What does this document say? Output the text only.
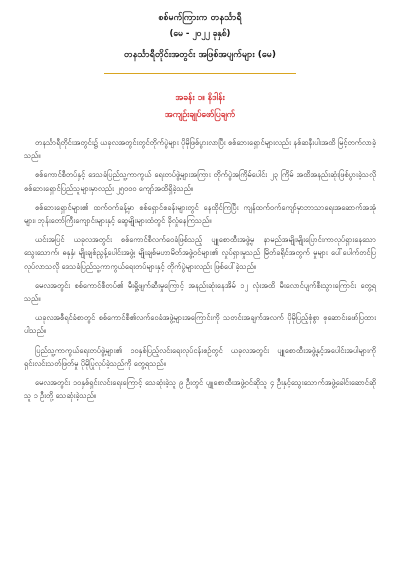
စစ်မက်ကြားက တနင်္သာရီ
(မေ - ၂၀၂၂ ခုနှစ်)
တနင်္သာရီတိုင်းအတွင်း အဖြစ်အပျက်များ (မေ)
အခန်း ၁။ နိဒါန်း
အကျဉ်းချုပ်ဖော်ပြချက်

တနင်္သာရီတိုင်းအတွင်း၌ ယခုလအတွင်းတွင်တိုက်ပွဲများ ပိုမိုဖြစ်ပွားလာပြီး စစ်ဘေးရှောင်များလည်း နစ်ဆနီးပါးအထိ မြင့်တက်လာခဲ့သည်။

စစ်ကောင်စီတပ်နှင့် ဒေသခံပြည်သူ့ကာကွယ် ရေးတပ်ဖွဲ့များအကြား တိုက်ပွဲအကြိမ်ပေါင်း ၂၃ ကြိမ် အထိအနည်းဆုံးဖြစ်ပွားခဲ့သလို စစ်ဘေးရှောင်ပြည်သူများမှာလည်း ၂၅၀၀၀ ကျော်အထိရှိခဲ့သည်။

စစ်ဘေးရှောင်များ၏ ထက်ဝက်ခန့်မှာ စစ်ရှောင်စခန်းများတွင် နေထိုင်ကြပြီး ကျန်ထက်ဝက်ကျော်မှာဘာသာရေးအဆောက်အအုံများ၊ ဘုန်းတော်ကြီးကျောင်းများနှင့် ဆွေမျိုးများထံတွင် ခိုလှုံနေကြသည်။

ယင်းအပြင် ယခုလအတွင်း စစ်ကောင်စီလက်ဝေခံဖြစ်သည့် ပျူစောထီးအဖွဲ့မှ နာမည်အမျိုးမျိုးပြောင်းကာလုပ်ရှားနေသော သွေးသောက်၊ ဓနုနှံ၊ မျိုးချစ်ညွန့်ပေါင်းအဖွဲ့၊ မျိုးချစ်မဟာမိတ်အဖွဲ့ဝင်များ၏ လှုပ်ရှားမှုသည် မြိတ်ခရိုင်အတွက် မှုများ ပေါ်ပေါက်တင်ပြလုပ်လာသလို ဒေသခံပြည်သူ့ကာကွယ်ရေးတပ်များနှင့် တိုက်ပွဲများလည်း ဖြစ်ပေါ်ခဲ့သည်။

မေလအတွင်း စစ်ကောင်စီတပ်၏ မီးရှို့ဖျက်ဆီးမှုကြောင့် အနည်းဆုံးနေအိမ် ၁၂ လုံးအထိ မီးလောင်ပျက်စီးသွားကြောင်း တွေ့ရသည်။

ယခုလအစီရင်ခံစာတွင် စစ်ကောင်စီ၏လက်ဝေခံအဖွဲ့များအကြောင်းကို သတင်းအချက်အလက် ပိုမိုပြည့်စုံစွာ စုဆောင်းဖော်ပြထားပါသည်။

ပြည်သူ့ကာကွယ်ရေးတပ်ဖွဲ့များ၏ ၁၀နှစ်ပြည့်လင်းရေးလုပ်ငန်းစဉ်တွင် ယခုလအတွင်း ပျူစောထီးအဖွဲ့နှင့်အပေါင်းအပါများကို ရှင်းလင်းသတ်ဖြတ်မှု ပိုမိုပြုလုပ်ခဲ့သည်ကို တွေ့ရသည်။

မေလအတွင်း ၁၀နှစ်ရှင်းလင်းရေးကြောင့် သေဆုံးခဲ့သူ ၉ ဦးတွင် ပျူစောထီးအဖွဲ့ဝင်ဆိုသူ ၄ ဦးနှင့်သွေးသောက်အဖွဲ့ခေါင်းဆောင်ဆိုသူ ၁ ဦးတို့ သေဆုံးခဲ့သည်။
